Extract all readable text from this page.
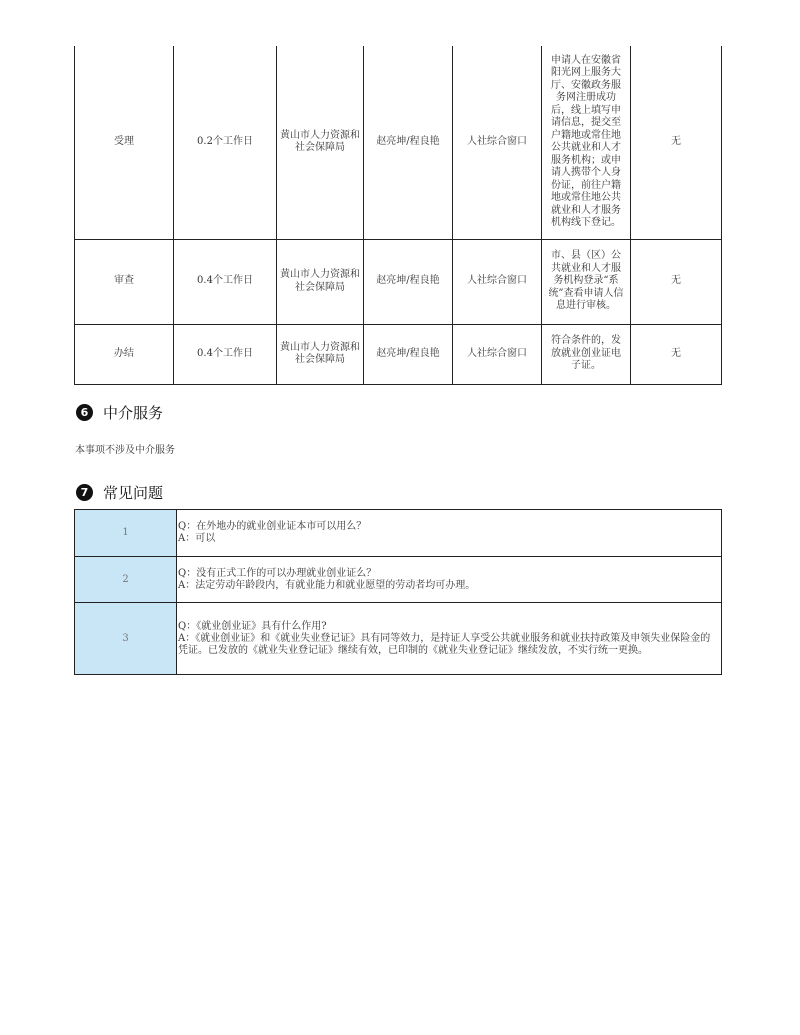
受理	0.2个工作日	黄山市人力资源和社会保障局	赵亮坤/程良艳	人社综合窗口	申请人在安徽省阳光网上服务大厅、安徽政务服务网注册成功后，线上填写申请信息，提交至户籍地或常住地公共就业和人才服务机构；或申请人携带个人身份证，前往户籍地或常住地公共就业和人才服务机构线下登记。	无
审查	0.4个工作日	黄山市人力资源和社会保障局	赵亮坤/程良艳	人社综合窗口	市、县（区）公共就业和人才服务机构登录“系统”查看申请人信息进行审核。	无
办结	0.4个工作日	黄山市人力资源和社会保障局	赵亮坤/程良艳	人社综合窗口	符合条件的，发放就业创业证电子证。	无
6 中介服务
本事项不涉及中介服务
7 常见问题
1	Q：在外地办的就业创业证本市可以用么？
A：可以

2	Q：没有正式工作的可以办理就业创业证么？
A：法定劳动年龄段内，有就业能力和就业愿望的劳动者均可办理。

3	Q：《就业创业证》具有什么作用?
A：《就业创业证》和《就业失业登记证》具有同等效力，是持证人享受公共就业服务和就业扶持政策及申领失业保险金的凭证。已发放的《就业失业登记证》继续有效，已印制的《就业失业登记证》继续发放，不实行统一更换。
